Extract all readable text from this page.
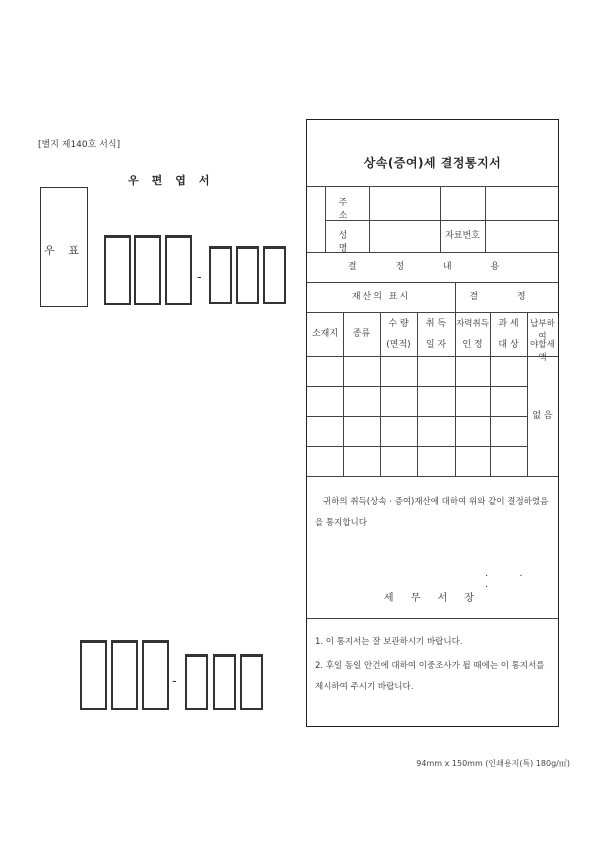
[별지 제140호 서식]
우편엽서
우 표
-
-
상속(증여)세 결정통지서
주 소
성 명
자료번호
결 정 내 용
재산의 표시	결 정
소재지	종류
수 량
(면적)
취 득
일 자
자력취득
인 정
과 세
대 상
납부하여
야할세액
없 음
귀하의 취득(상속 · 증여)재산에 대하여 위와 같이 결정하였음을 통지합니다
. . .
세 무 서 장
1. 이 통지서는 잘 보관하시기 바랍니다.
2. 후일 동일 안건에 대하여 이중조사가 될 때에는 이 통지서를 제시하여 주시기 바랍니다.
94mm x 150mm (인쇄용지(특) 180g/㎡)
